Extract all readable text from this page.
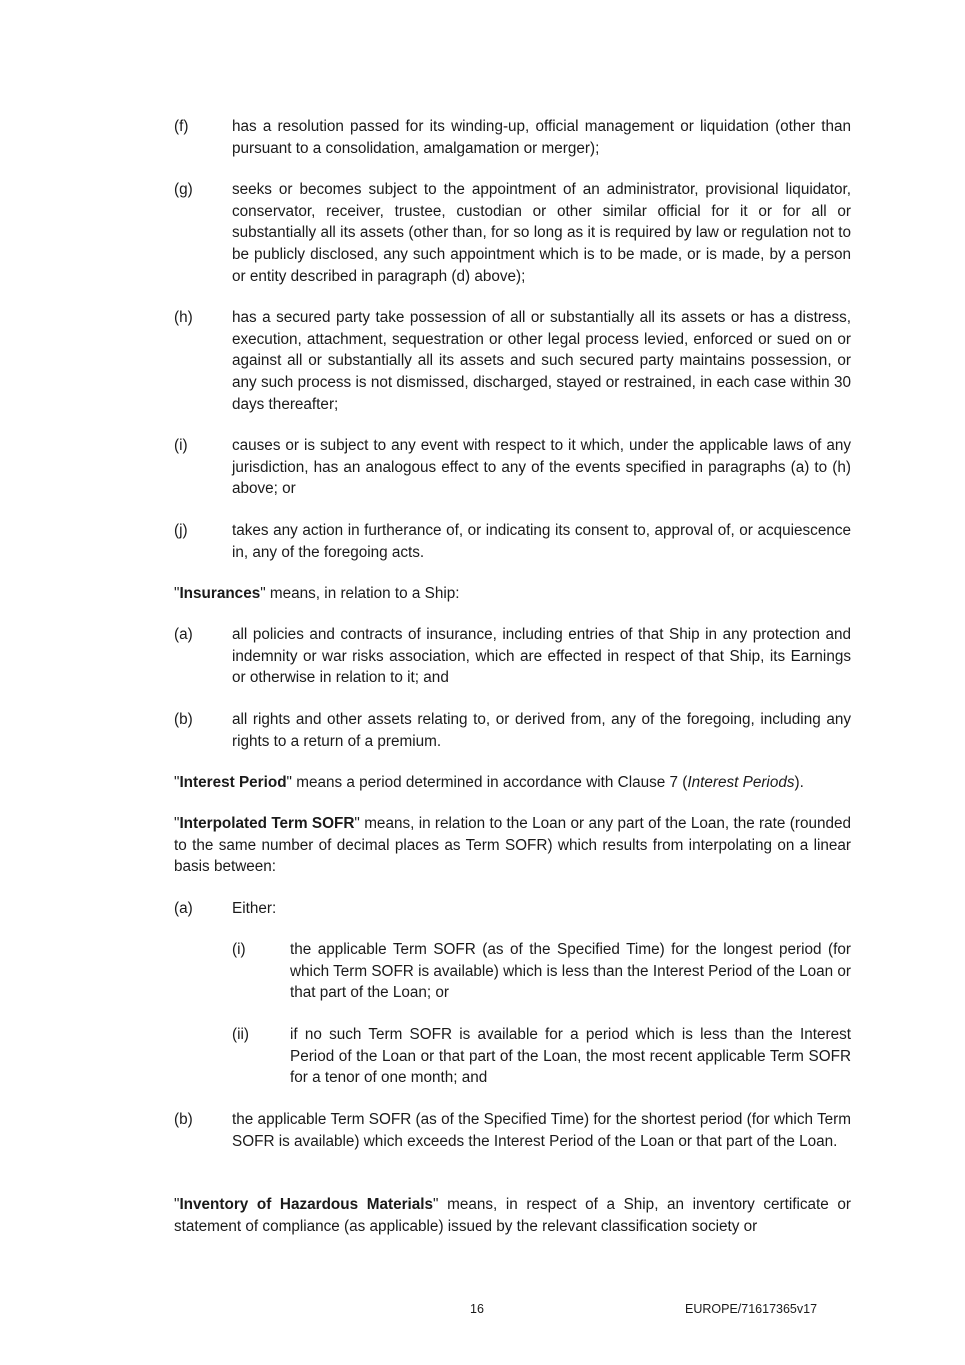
(f)	has a resolution passed for its winding-up, official management or liquidation (other than pursuant to a consolidation, amalgamation or merger);
(g)	seeks or becomes subject to the appointment of an administrator, provisional liquidator, conservator, receiver, trustee, custodian or other similar official for it or for all or substantially all its assets (other than, for so long as it is required by law or regulation not to be publicly disclosed, any such appointment which is to be made, or is made, by a person or entity described in paragraph (d) above);
(h)	has a secured party take possession of all or substantially all its assets or has a distress, execution, attachment, sequestration or other legal process levied, enforced or sued on or against all or substantially all its assets and such secured party maintains possession, or any such process is not dismissed, discharged, stayed or restrained, in each case within 30 days thereafter;
(i)	causes or is subject to any event with respect to it which, under the applicable laws of any jurisdiction, has an analogous effect to any of the events specified in paragraphs (a) to (h) above; or
(j)	takes any action in furtherance of, or indicating its consent to, approval of, or acquiescence in, any of the foregoing acts.
"Insurances" means, in relation to a Ship:
(a)	all policies and contracts of insurance, including entries of that Ship in any protection and indemnity or war risks association, which are effected in respect of that Ship, its Earnings or otherwise in relation to it; and
(b)	all rights and other assets relating to, or derived from, any of the foregoing, including any rights to a return of a premium.
"Interest Period" means a period determined in accordance with Clause 7 (Interest Periods).
"Interpolated Term SOFR" means, in relation to the Loan or any part of the Loan, the rate (rounded to the same number of decimal places as Term SOFR) which results from interpolating on a linear basis between:
(a)	Either:
(i)	the applicable Term SOFR (as of the Specified Time) for the longest period (for which Term SOFR is available) which is less than the Interest Period of the Loan or that part of the Loan; or
(ii)	if no such Term SOFR is available for a period which is less than the Interest Period of the Loan or that part of the Loan, the most recent applicable Term SOFR for a tenor of one month; and
(b)	the applicable Term SOFR (as of the Specified Time) for the shortest period (for which Term SOFR is available) which exceeds the Interest Period of the Loan or that part of the Loan.
"Inventory of Hazardous Materials" means, in respect of a Ship, an inventory certificate or statement of compliance (as applicable) issued by the relevant classification society or
16	EUROPE/71617365v17
